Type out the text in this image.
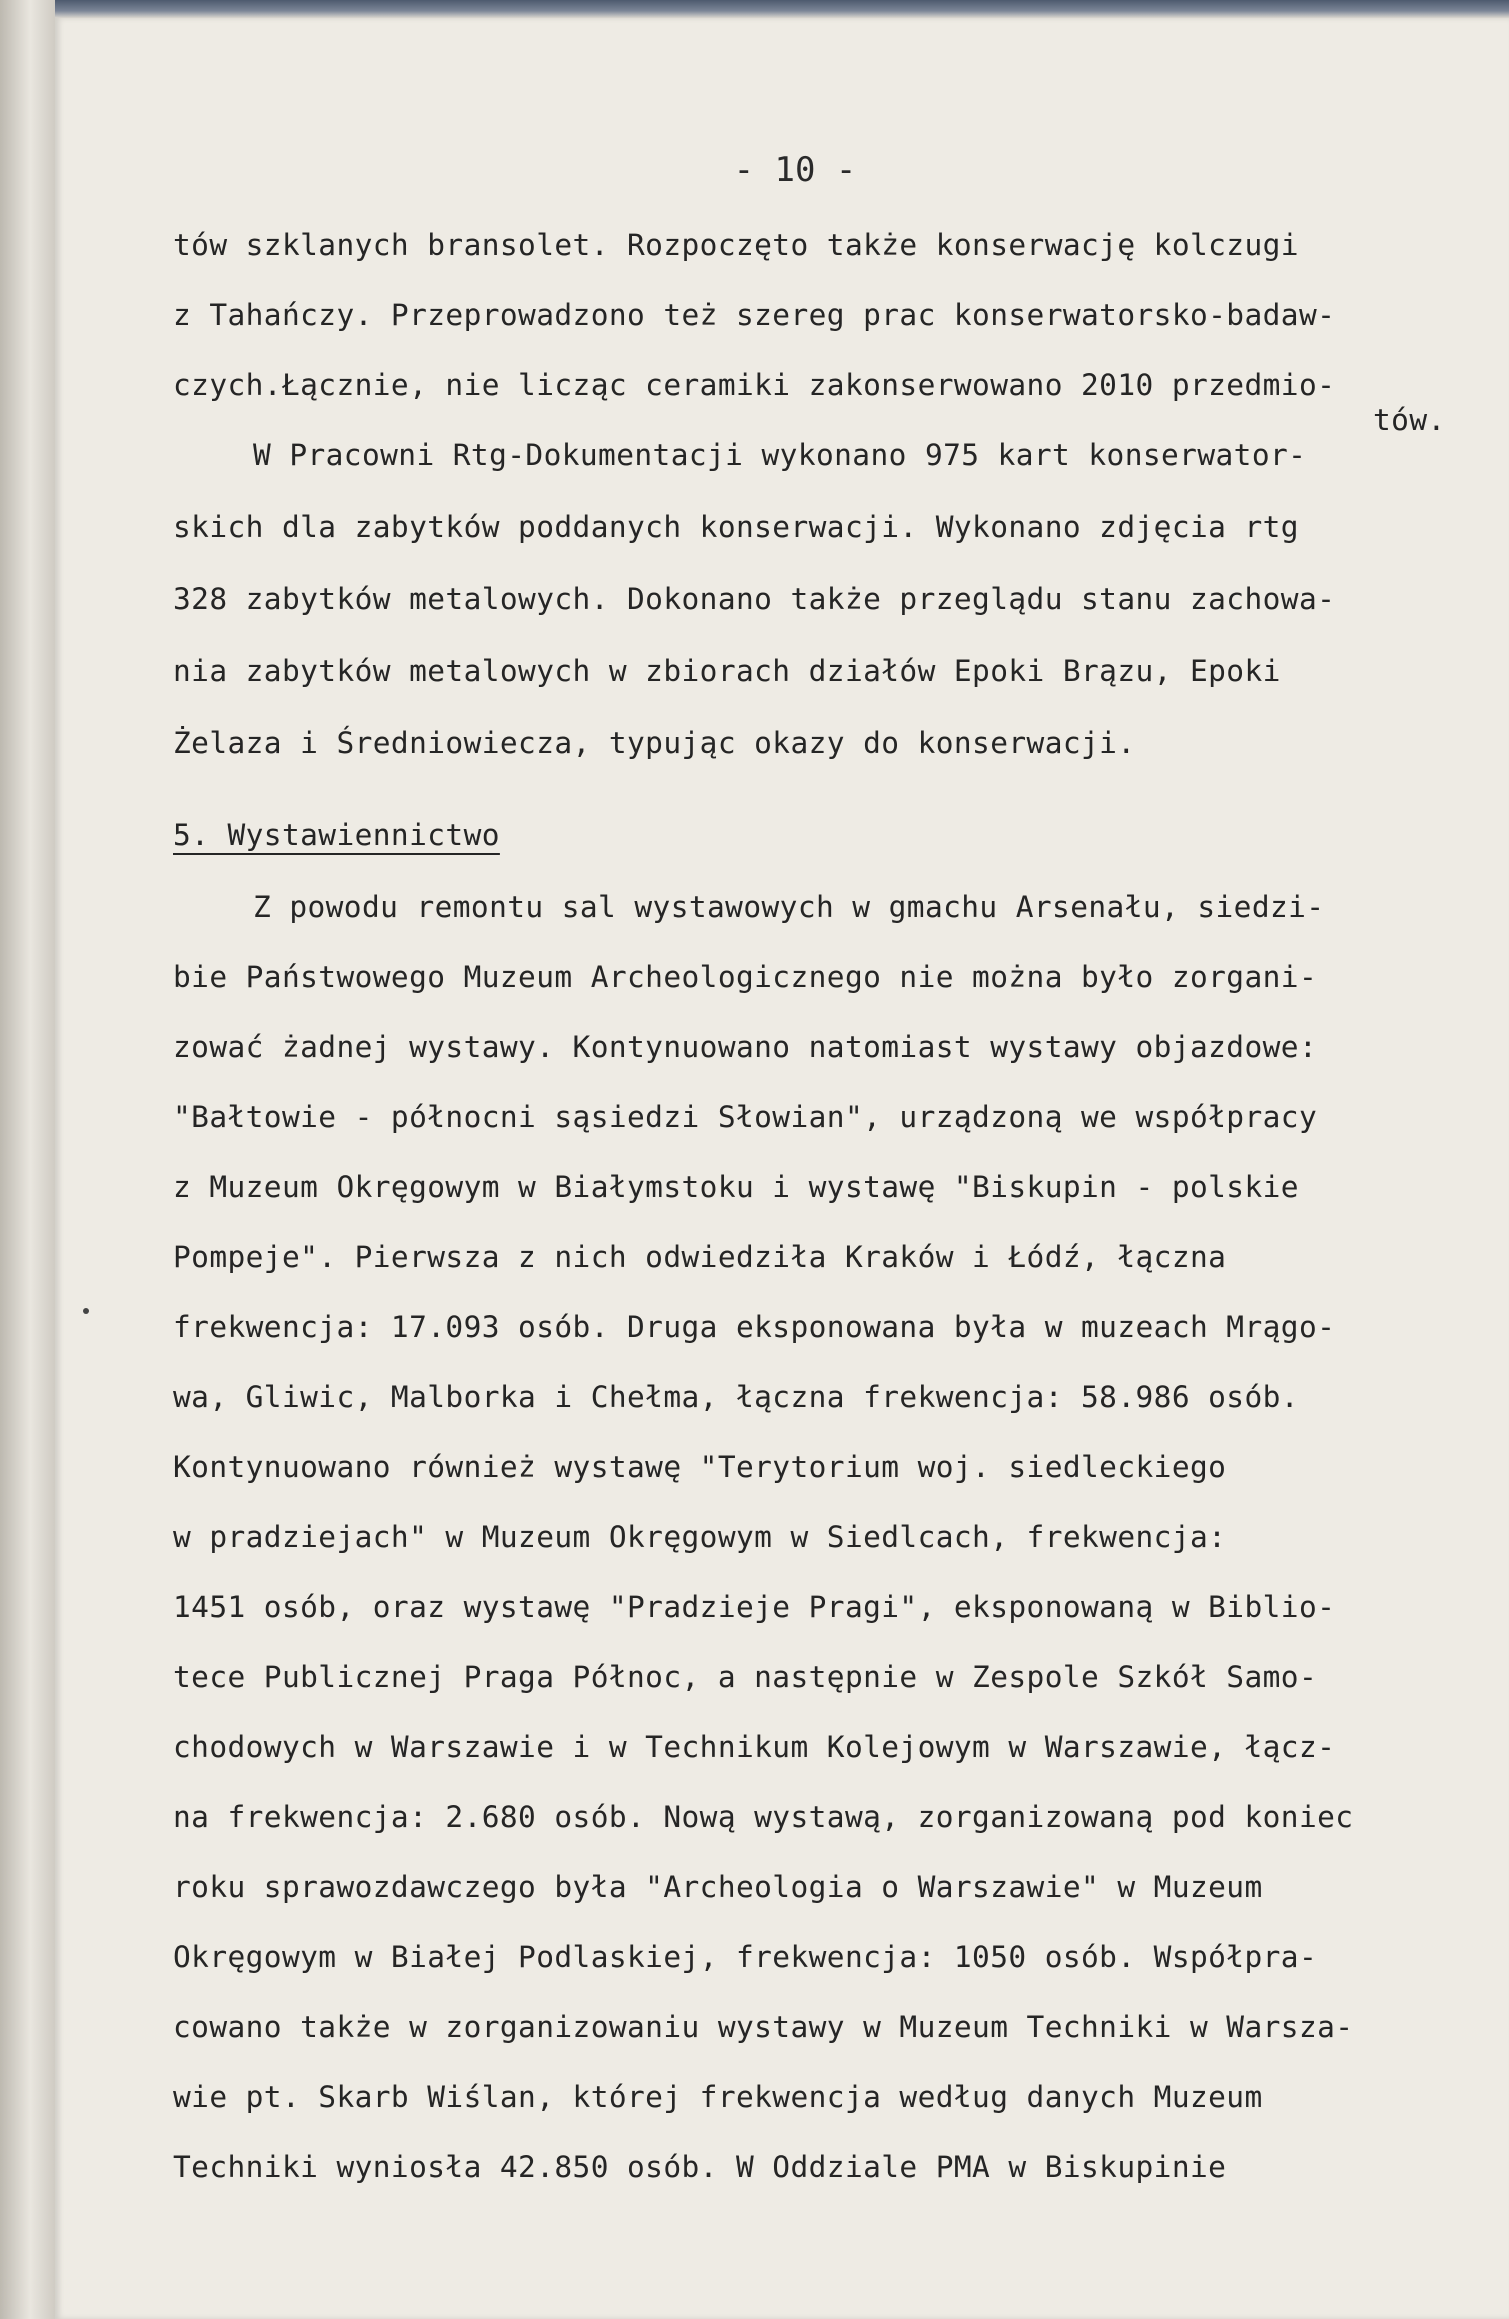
- 10 -
tów szklanych bransolet. Rozpoczęto także konserwację kolczugi
z Tahańczy. Przeprowadzono też szereg prac konserwatorsko-badaw-
czych.Łącznie, nie licząc ceramiki zakonserwowano 2010 przedmio-
tów.
W Pracowni Rtg-Dokumentacji wykonano 975 kart konserwator-
skich dla zabytków poddanych konserwacji. Wykonano zdjęcia rtg
328 zabytków metalowych. Dokonano także przeglądu stanu zachowa-
nia zabytków metalowych w zbiorach działów Epoki Brązu, Epoki
Żelaza i Średniowiecza, typując okazy do konserwacji.
5. Wystawiennictwo
Z powodu remontu sal wystawowych w gmachu Arsenału, siedzi-
bie Państwowego Muzeum Archeologicznego nie można było zorgani-
zować żadnej wystawy. Kontynuowano natomiast wystawy objazdowe:
"Bałtowie - północni sąsiedzi Słowian", urządzoną we współpracy
z Muzeum Okręgowym w Białymstoku i wystawę "Biskupin - polskie
Pompeje". Pierwsza z nich odwiedziła Kraków i Łódź, łączna
frekwencja: 17.093 osób. Druga eksponowana była w muzeach Mrągo-
wa, Gliwic, Malborka i Chełma, łączna frekwencja: 58.986 osób.
Kontynuowano również wystawę "Terytorium woj. siedleckiego
w pradziejach" w Muzeum Okręgowym w Siedlcach, frekwencja:
1451 osób, oraz wystawę "Pradzieje Pragi", eksponowaną w Biblio-
tece Publicznej Praga Północ, a następnie w Zespole Szkół Samo-
chodowych w Warszawie i w Technikum Kolejowym w Warszawie, łącz-
na frekwencja: 2.680 osób. Nową wystawą, zorganizowaną pod koniec
roku sprawozdawczego była "Archeologia o Warszawie" w Muzeum
Okręgowym w Białej Podlaskiej, frekwencja: 1050 osób. Współpra-
cowano także w zorganizowaniu wystawy w Muzeum Techniki w Warsza-
wie pt. Skarb Wiślan, której frekwencja według danych Muzeum
Techniki wyniosła 42.850 osób. W Oddziale PMA w Biskupinie
